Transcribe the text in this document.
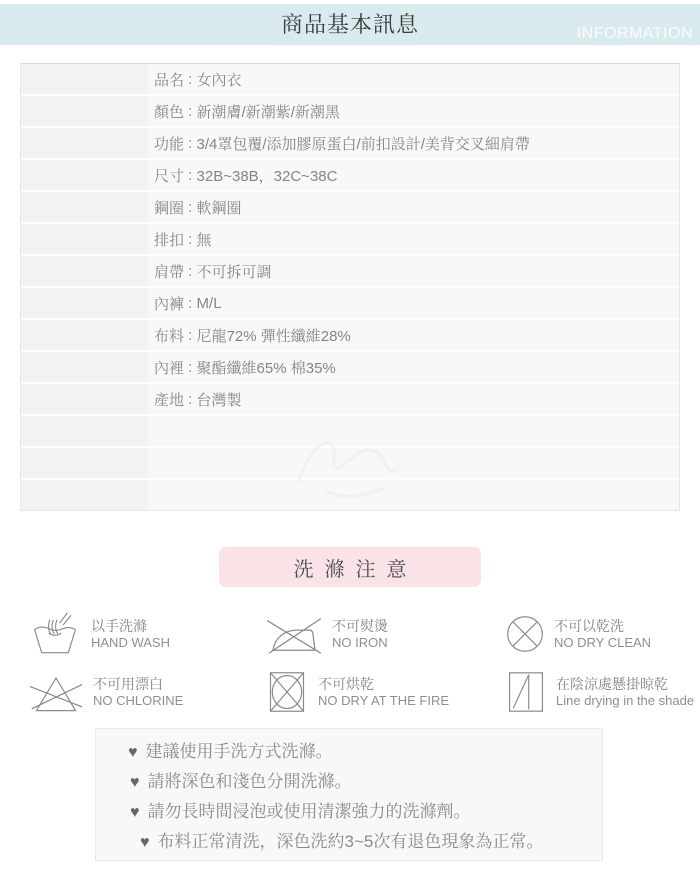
商品基本訊息	INFORMATION
品名 : 女內衣
顏色 : 新潮膚/新潮紫/新潮黑
功能 : 3/4罩包覆/添加膠原蛋白/前扣設計/美背交叉細肩帶
尺寸 : 32B~38B，32C~38C
鋼圈 : 軟鋼圈
排扣 : 無
肩帶 : 不可拆可調
內褲 : M/L
布料 : 尼龍72% 彈性纖維28%
內裡 : 聚酯纖維65% 棉35%
產地 : 台灣製
洗滌注意
以手洗滌
HAND WASH
不可熨燙
NO IRON
不可以乾洗
NO DRY CLEAN
不可用漂白
NO CHLORINE
不可烘乾
NO DRY AT THE FIRE
在陰涼處懸掛晾乾
Line drying in the shade
♥ 建議使用手洗方式洗滌。
♥ 請將深色和淺色分開洗滌。
♥ 請勿長時間浸泡或使用清潔強力的洗滌劑。
♥ 布料正常清洗，深色洗約3~5次有退色現象為正常。
